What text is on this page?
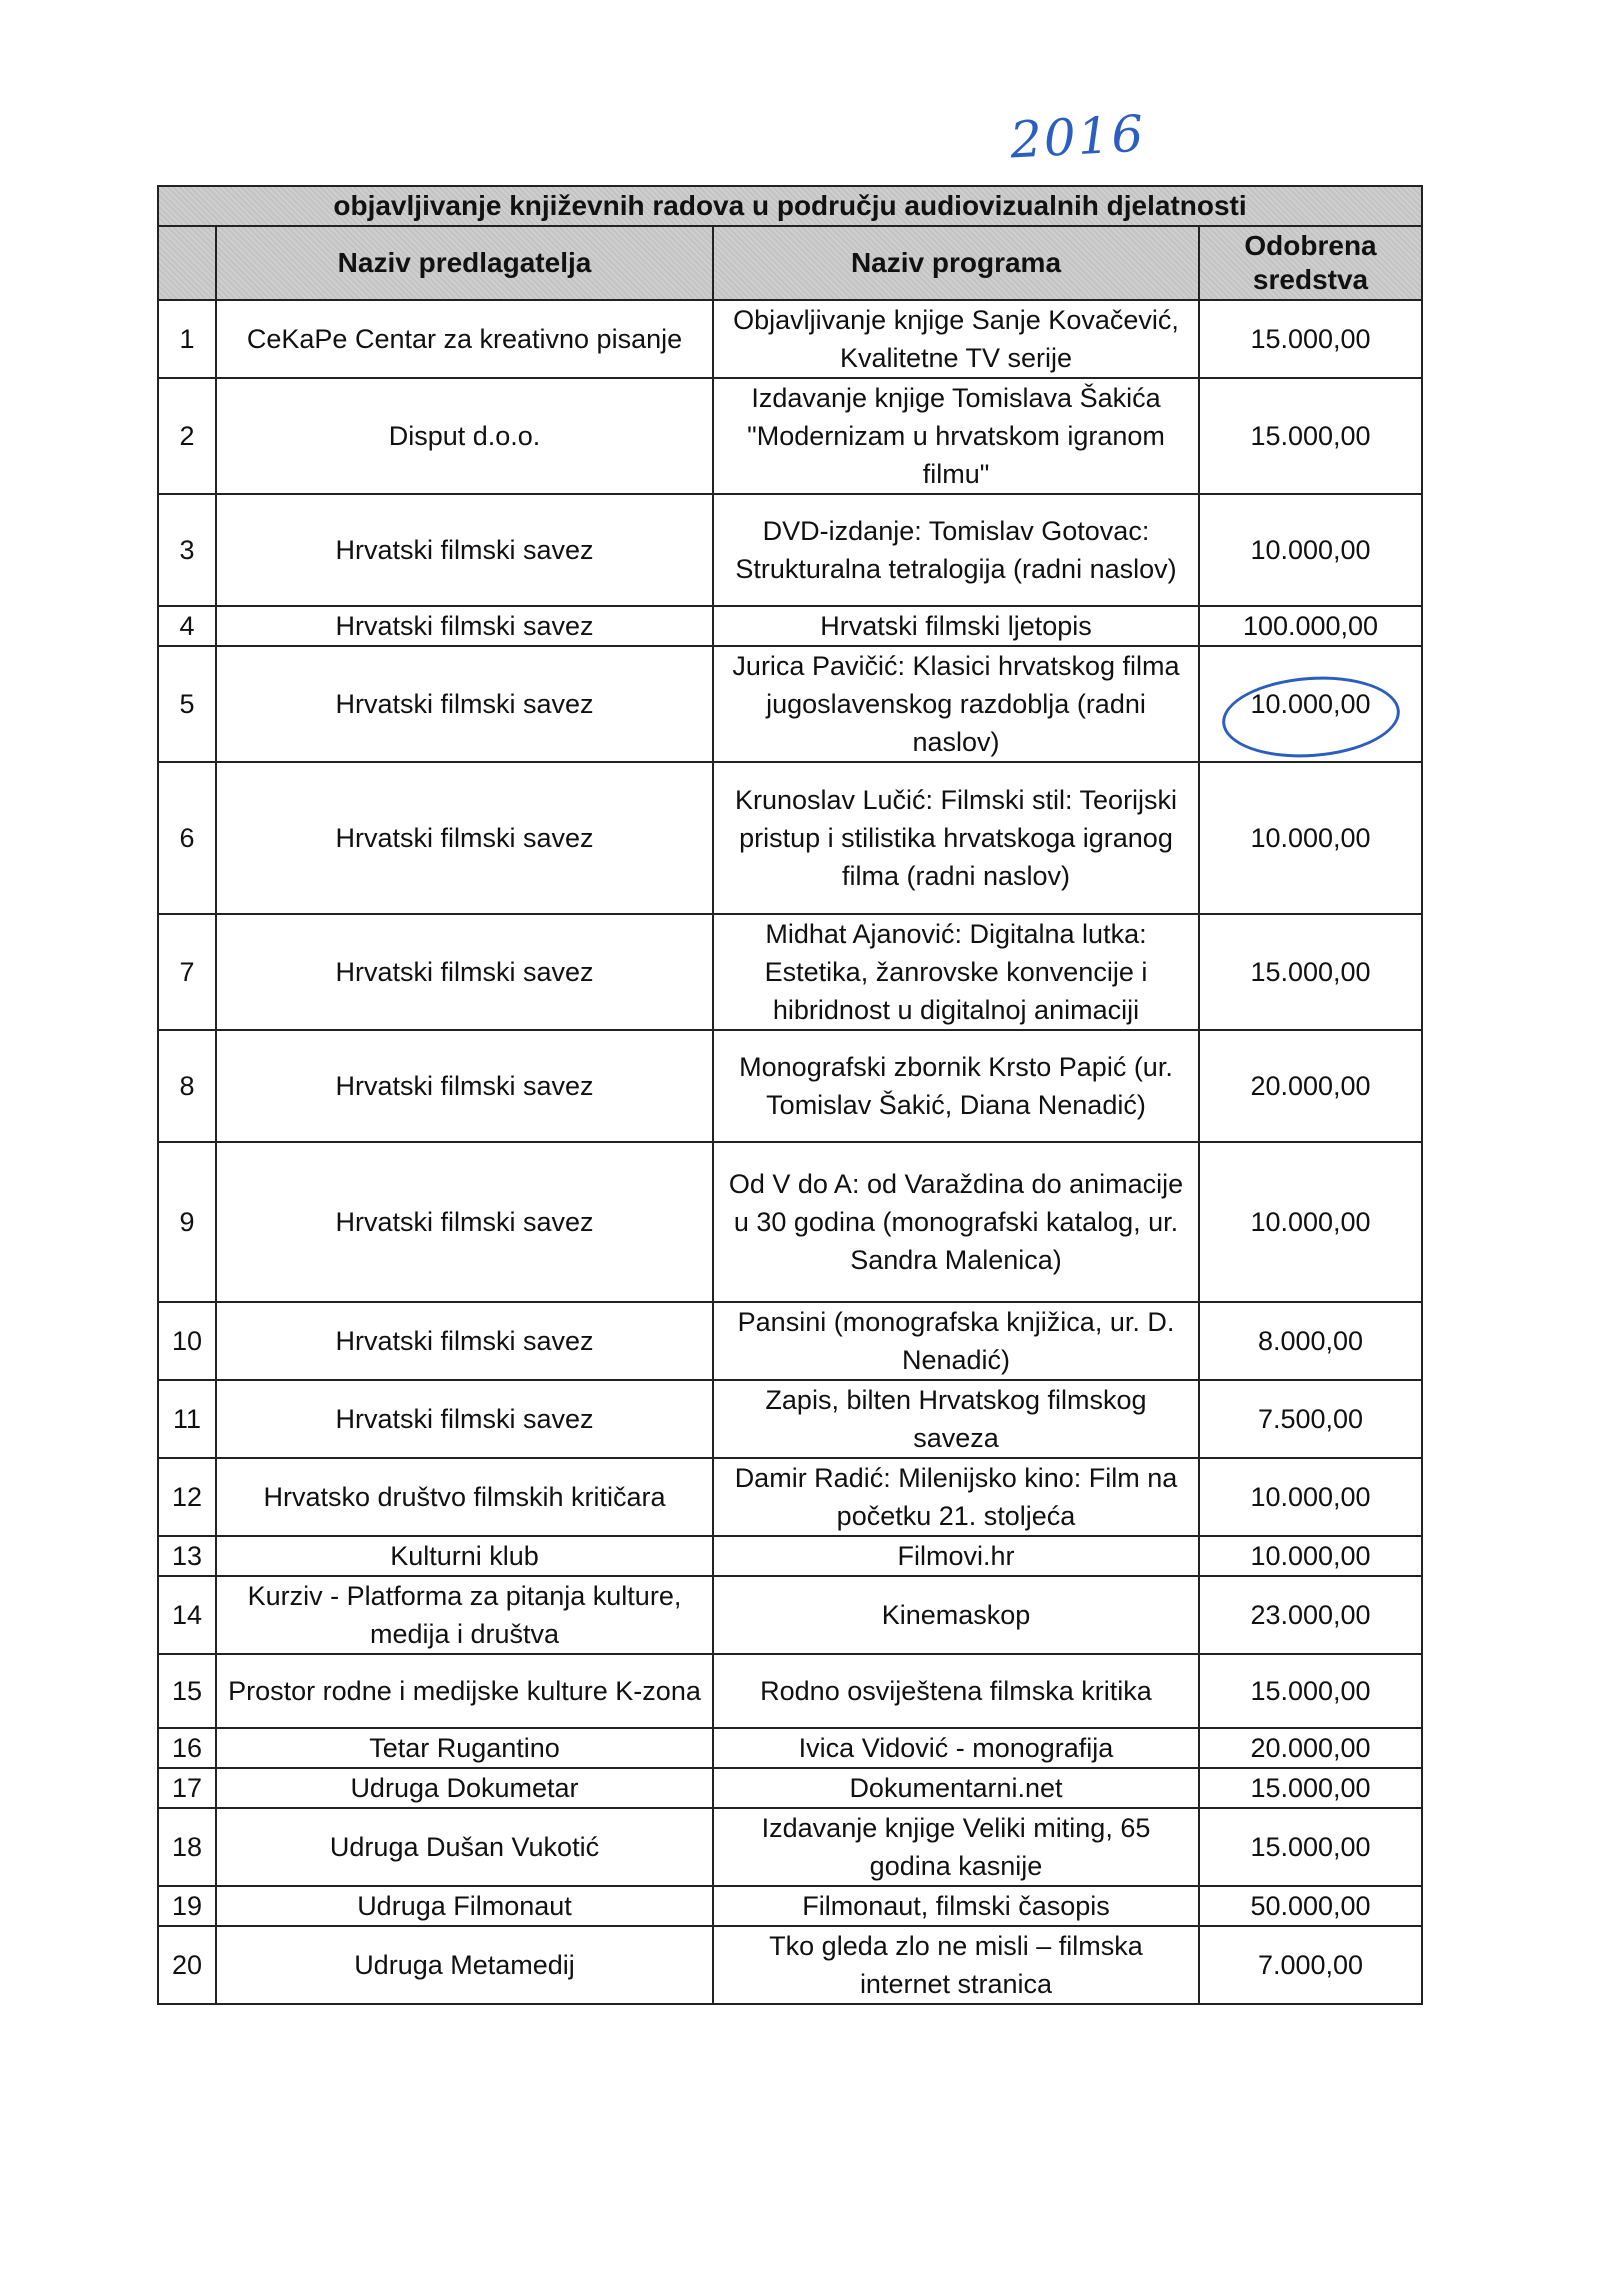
2016
objavljivanje književnih radova u području audiovizualnih djelatnosti			
	Naziv predlagatelja	Naziv programa	Odobrena sredstva
1	CeKaPe Centar za kreativno pisanje	Objavljivanje knjige Sanje Kovačević, Kvalitetne TV serije	15.000,00
2	Disput d.o.o.	Izdavanje knjige Tomislava Šakića "Modernizam u hrvatskom igranom filmu"	15.000,00
3	Hrvatski filmski savez	DVD-izdanje: Tomislav Gotovac: Strukturalna tetralogija (radni naslov)	10.000,00
4	Hrvatski filmski savez	Hrvatski filmski ljetopis	100.000,00
5	Hrvatski filmski savez	Jurica Pavičić: Klasici hrvatskog filma jugoslavenskog razdoblja (radni naslov)	10.000,00
6	Hrvatski filmski savez	Krunoslav Lučić: Filmski stil: Teorijski pristup i stilistika hrvatskoga igranog filma (radni naslov)	10.000,00
7	Hrvatski filmski savez	Midhat Ajanović: Digitalna lutka: Estetika, žanrovske konvencije i hibridnost u digitalnoj animaciji	15.000,00
8	Hrvatski filmski savez	Monografski zbornik Krsto Papić (ur. Tomislav Šakić, Diana Nenadić)	20.000,00
9	Hrvatski filmski savez	Od V do A: od Varaždina do animacije u 30 godina (monografski katalog, ur. Sandra Malenica)	10.000,00
10	Hrvatski filmski savez	Pansini (monografska knjižica, ur. D. Nenadić)	8.000,00
11	Hrvatski filmski savez	Zapis, bilten Hrvatskog filmskog saveza	7.500,00
12	Hrvatsko društvo filmskih kritičara	Damir Radić: Milenijsko kino: Film na početku 21. stoljeća	10.000,00
13	Kulturni klub	Filmovi.hr	10.000,00
14	Kurziv - Platforma za pitanja kulture, medija i društva	Kinemaskop	23.000,00
15	Prostor rodne i medijske kulture K-zona	Rodno osviještena filmska kritika	15.000,00
16	Tetar Rugantino	Ivica Vidović - monografija	20.000,00
17	Udruga Dokumetar	Dokumentarni.net	15.000,00
18	Udruga Dušan Vukotić	Izdavanje knjige Veliki miting, 65 godina kasnije	15.000,00
19	Udruga Filmonaut	Filmonaut, filmski časopis	50.000,00
20	Udruga Metamedij	Tko gleda zlo ne misli – filmska internet stranica	7.000,00
